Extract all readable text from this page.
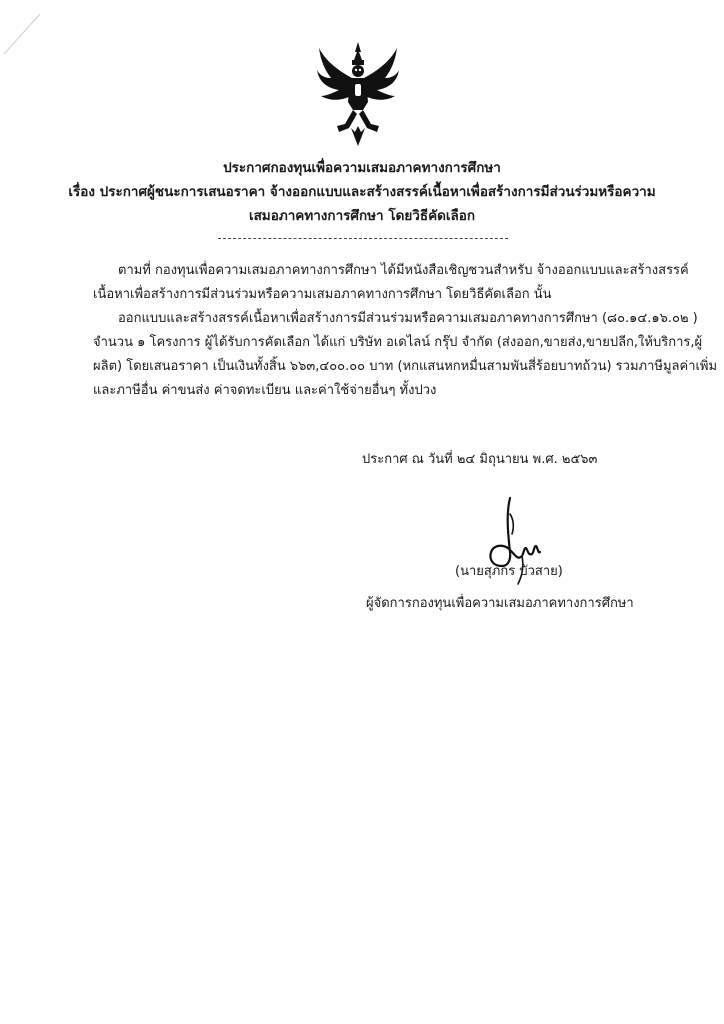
ประกาศกองทุนเพื่อความเสมอภาคทางการศึกษา
เรื่อง ประกาศผู้ชนะการเสนอราคา จ้างออกแบบและสร้างสรรค์เนื้อหาเพื่อสร้างการมีส่วนร่วมหรือความ
เสมอภาคทางการศึกษา โดยวิธีคัดเลือก
ตามที่ กองทุนเพื่อความเสมอภาคทางการศึกษา ได้มีหนังสือเชิญชวนสำหรับ จ้างออกแบบและสร้างสรรค์
เนื้อหาเพื่อสร้างการมีส่วนร่วมหรือความเสมอภาคทางการศึกษา โดยวิธีคัดเลือก นั้น
ออกแบบและสร้างสรรค์เนื้อหาเพื่อสร้างการมีส่วนร่วมหรือความเสมอภาคทางการศึกษา (๘๐.๑๔.๑๖.๐๒ )
จำนวน ๑ โครงการ ผู้ได้รับการคัดเลือก ได้แก่ บริษัท อเดไลน์ กรุ๊ป จำกัด (ส่งออก,ขายส่ง,ขายปลีก,ให้บริการ,ผู้
ผลิต) โดยเสนอราคา เป็นเงินทั้งสิ้น ๖๖๓,๔๐๐.๐๐ บาท (หกแสนหกหมื่นสามพันสี่ร้อยบาทถ้วน) รวมภาษีมูลค่าเพิ่ม
และภาษีอื่น ค่าขนส่ง ค่าจดทะเบียน และค่าใช้จ่ายอื่นๆ ทั้งปวง
ประกาศ ณ วันที่ ๒๔ มิถุนายน พ.ศ. ๒๕๖๓
(นายสุภกร บัวสาย)
ผู้จัดการกองทุนเพื่อความเสมอภาคทางการศึกษา
